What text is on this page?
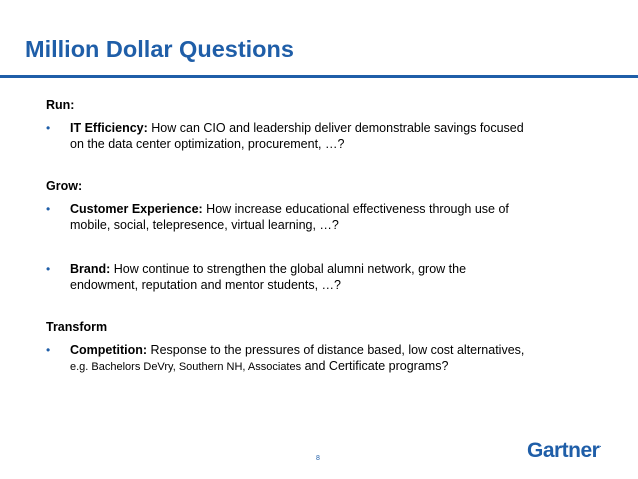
Million Dollar Questions
Run:
• IT Efficiency: How can CIO and leadership deliver demonstrable savings focused
on the data center optimization, procurement, …?
Grow:
• Customer Experience: How increase educational effectiveness through use of
mobile, social, telepresence, virtual learning, …?
• Brand: How continue to strengthen the global alumni network, grow the
endowment, reputation and mentor students, …?
Transform
• Competition: Response to the pressures of distance based, low cost alternatives,
e.g. Bachelors DeVry, Southern NH, Associates and Certificate programs?
8	Gartner.
